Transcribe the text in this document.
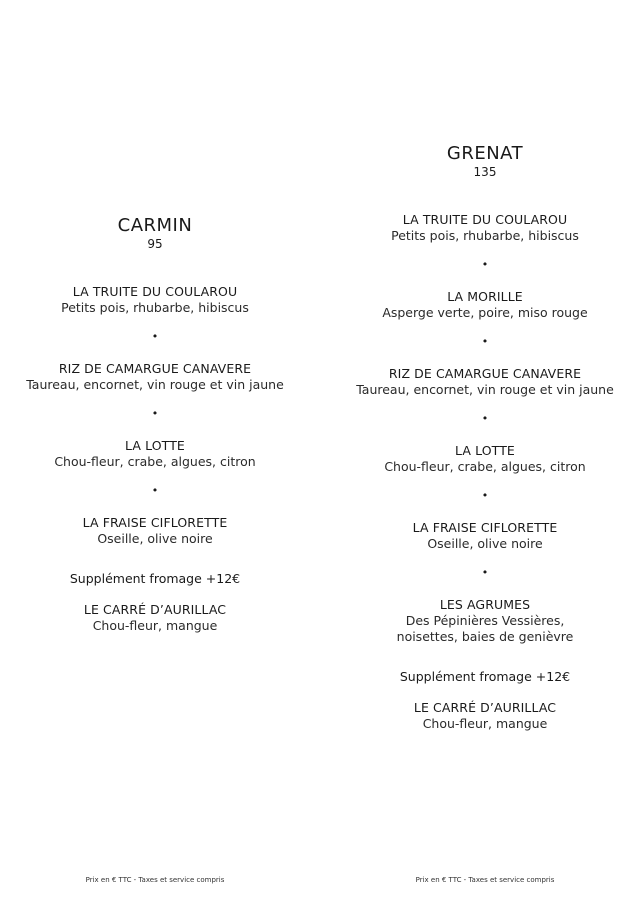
CARMIN
95
LA TRUITE DU COULAROU
Petits pois, rhubarbe, hibiscus
•
RIZ DE CAMARGUE CANAVERE
Taureau, encornet, vin rouge et vin jaune
•
LA LOTTE
Chou-fleur, crabe, algues, citron
•
LA FRAISE CIFLORETTE
Oseille, olive noire
Supplément fromage +12€
LE CARRÉ D’AURILLAC
Chou-fleur, mangue
GRENAT
135
LA TRUITE DU COULAROU
Petits pois, rhubarbe, hibiscus
•
LA MORILLE
Asperge verte, poire, miso rouge
•
RIZ DE CAMARGUE CANAVERE
Taureau, encornet, vin rouge et vin jaune
•
LA LOTTE
Chou-fleur, crabe, algues, citron
•
LA FRAISE CIFLORETTE
Oseille, olive noire
•
LES AGRUMES
Des Pépinières Vessières,
noisettes, baies de genièvre
Supplément fromage +12€
LE CARRÉ D’AURILLAC
Chou-fleur, mangue
Prix en € TTC - Taxes et service compris	Prix en € TTC - Taxes et service compris
